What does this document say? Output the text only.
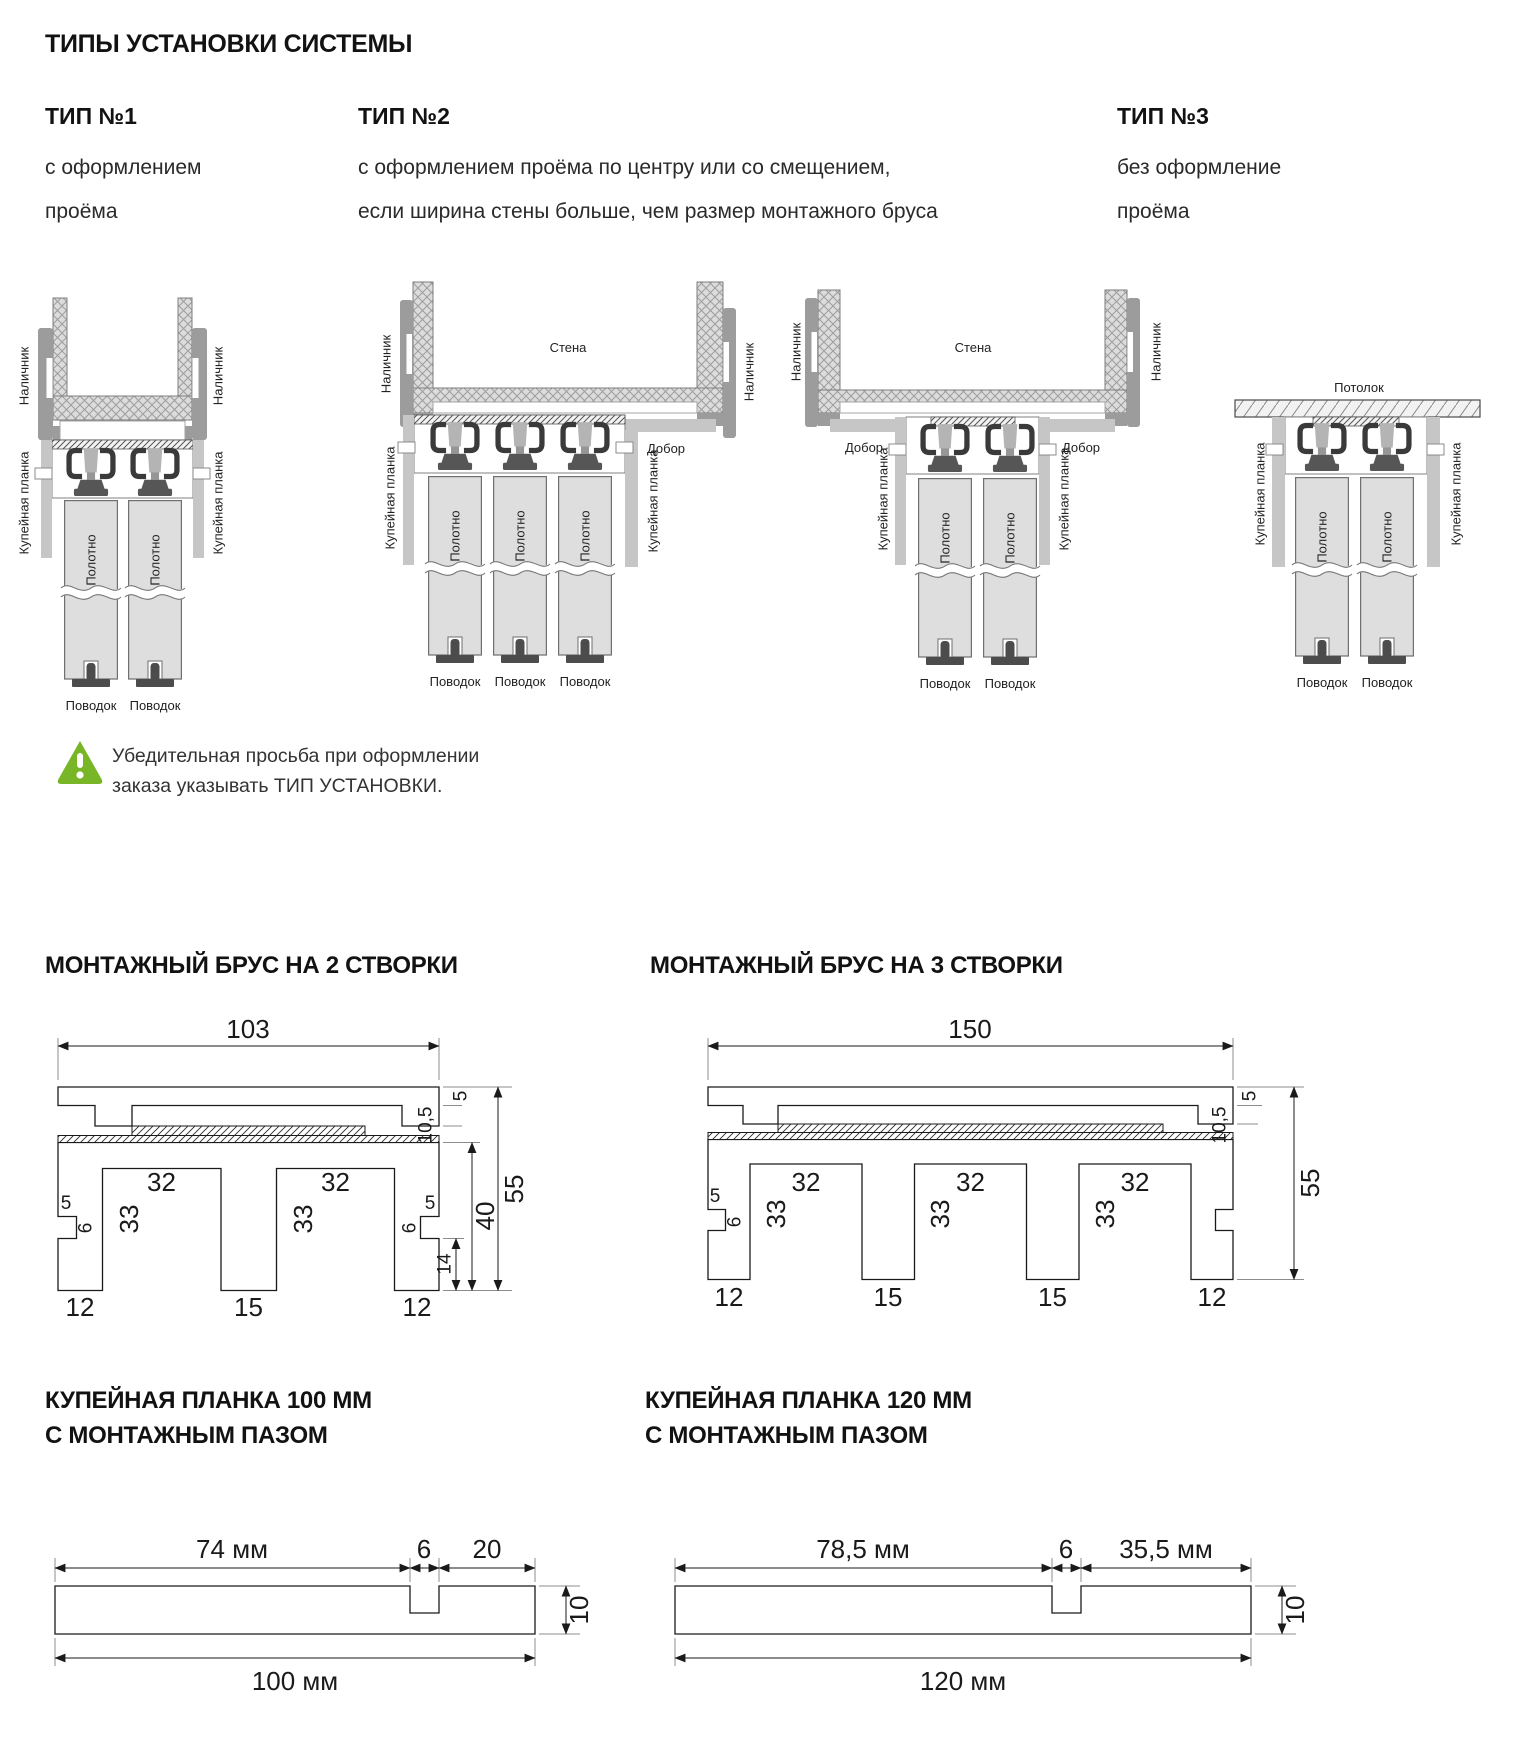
ТИПЫ УСТАНОВКИ СИСТЕМЫ

ТИП №1

с оформлением

проёма

ТИП №2

с оформлением проёма по центру или со смещением,

если ширина стены больше, чем размер монтажного бруса

ТИП №3

без оформление

проёма

Наличник	Наличник
Купейная планка	Купейная планка
Полотно	Полотно
Поводок Поводок
Стена
Наличник	Наличник
Добор
Купейная планка	Купейная планка
Полотно	Полотно	Полотно
Поводок Поводок Поводок
Стена
Наличник	Наличник
Добор	Добор
Купейная планка	Купейная планка
Полотно	Полотно
Поводок Поводок
Потолок
Купейная планка	Купейная планка
Полотно	Полотно
Поводок Поводок
Убедительная просьба при оформлении
заказа указывать ТИП УСТАНОВКИ.
МОНТАЖНЫЙ БРУС НА 2 СТВОРКИ	МОНТАЖНЫЙ БРУС НА 3 СТВОРКИ
103
5
10,5
55
40
14
32	32
33	33
5
6
5
6
12	15	12
150
5
10,5
55
32	32	32
33	33	33
5
6
12	15	15	12
КУПЕЙНАЯ ПЛАНКА 100 ММ
С МОНТАЖНЫМ ПАЗОМ
КУПЕЙНАЯ ПЛАНКА 120 ММ
С МОНТАЖНЫМ ПАЗОМ
74 мм	6 20
10
100 мм
78,5 мм	6 35,5 мм
10
120 мм
